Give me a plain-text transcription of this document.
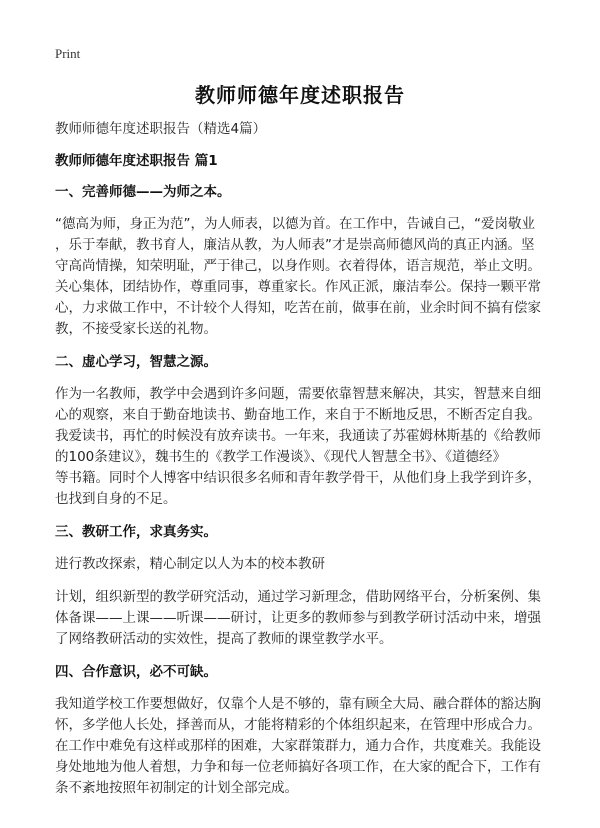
Print
教师师德年度述职报告
教师师德年度述职报告（精选4篇）
教师师德年度述职报告 篇1
一、完善师德——为师之本。
“德高为师，身正为范”，为人师表，以德为首。在工作中，告诫自己，“爱岗敬业
，乐于奉献，教书育人，廉洁从教，为人师表”才是崇高师德风尚的真正内涵。坚
守高尚情操，知荣明耻，严于律己，以身作则。衣着得体，语言规范，举止文明。
关心集体，团结协作，尊重同事，尊重家长。作风正派，廉洁奉公。保持一颗平常
心，力求做工作中，不计较个人得知，吃苦在前，做事在前，业余时间不搞有偿家
教，不接受家长送的礼物。
二、虚心学习，智慧之源。
作为一名教师，教学中会遇到许多问题，需要依靠智慧来解决，其实，智慧来自细
心的观察，来自于勤奋地读书、勤奋地工作，来自于不断地反思，不断否定自我。
我爱读书，再忙的时候没有放弃读书。一年来，我通读了苏霍姆林斯基的《给教师
的100条建议》，魏书生的《教学工作漫谈》、《现代人智慧全书》、《道德经》
等书籍。同时个人博客中结识很多名师和青年教学骨干，从他们身上我学到许多，
也找到自身的不足。
三、教研工作，求真务实。
进行教改探索，精心制定以人为本的校本教研
计划，组织新型的教学研究活动，通过学习新理念，借助网络平台，分析案例、集
体备课——上课——听课——研讨，让更多的教师参与到教学研讨活动中来，增强
了网络教研活动的实效性，提高了教师的课堂教学水平。
四、合作意识，必不可缺。
我知道学校工作要想做好，仅靠个人是不够的，靠有顾全大局、融合群体的豁达胸
怀，多学他人长处，择善而从，才能将精彩的个体组织起来，在管理中形成合力。
在工作中难免有这样或那样的困难，大家群策群力，通力合作，共度难关。我能设
身处地地为他人着想，力争和每一位老师搞好各项工作，在大家的配合下，工作有
条不紊地按照年初制定的计划全部完成。
